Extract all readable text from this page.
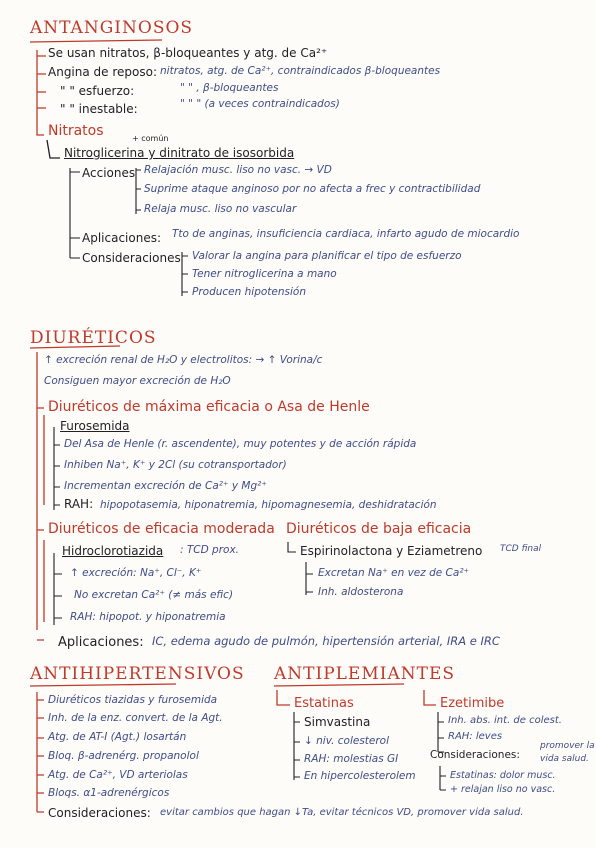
ANTANGINOSOS
Se usan nitratos, β-bloqueantes y atg. de Ca²⁺
Angina de reposo: nitratos, atg. de Ca²⁺, contraindicados β-bloqueantes
" " esfuerzo:	" " , β-bloqueantes
" " inestable:	" " " (a veces contraindicados)
Nitratos	+ común
Nitroglicerina y dinitrato de isosorbida
Acciones Relajación musc. liso no vasc. → VD
Suprime ataque anginoso por no afecta a frec y contractibilidad
Relaja musc. liso no vascular
Aplicaciones: Tto de anginas, insuficiencia cardiaca, infarto agudo de miocardio
Consideraciones Valorar la angina para planificar el tipo de esfuerzo
Tener nitroglicerina a mano
Producen hipotensión
DIURÉTICOS
↑ excreción renal de H₂O y electrolitos: → ↑ Vorina/c
Consiguen mayor excreción de H₂O
Diuréticos de máxima eficacia o Asa de Henle
Furosemida
Del Asa de Henle (r. ascendente), muy potentes y de acción rápida
Inhiben Na⁺, K⁺ y 2Cl (su cotransportador)
Incrementan excreción de Ca²⁺ y Mg²⁺
RAH: hipopotasemia, hiponatremia, hipomagnesemia, deshidratación
Diuréticos de eficacia moderada
Hidroclorotiazida : TCD prox.
↑ excreción: Na⁺, Cl⁻, K⁺
No excretan Ca²⁺ (≠ más efic)
RAH: hipopot. y hiponatremia
Diuréticos de baja eficacia
Espirinolactona y Eziametreno TCD final
Excretan Na⁺ en vez de Ca²⁺
Inh. aldosterona
Aplicaciones: IC, edema agudo de pulmón, hipertensión arterial, IRA e IRC
ANTIHIPERTENSIVOS
Diuréticos tiazidas y furosemida
Inh. de la enz. convert. de la Agt.
Atg. de AT-I (Agt.) losartán
Bloq. β-adrenérg. propanolol
Atg. de Ca²⁺, VD arteriolas
Bloqs. α1-adrenérgicos
Consideraciones: evitar cambios que hagan ↓Ta, evitar técnicos VD, promover vida salud.
ANTIPLEMIANTES
Estatinas
Simvastina
↓ niv. colesterol
RAH: molestias GI
En hipercolesterolem
Ezetimibe
Inh. abs. int. de colest.
RAH: leves
Consideraciones:
promover la
vida salud.
Estatinas: dolor musc.
+ relajan liso no vasc.
